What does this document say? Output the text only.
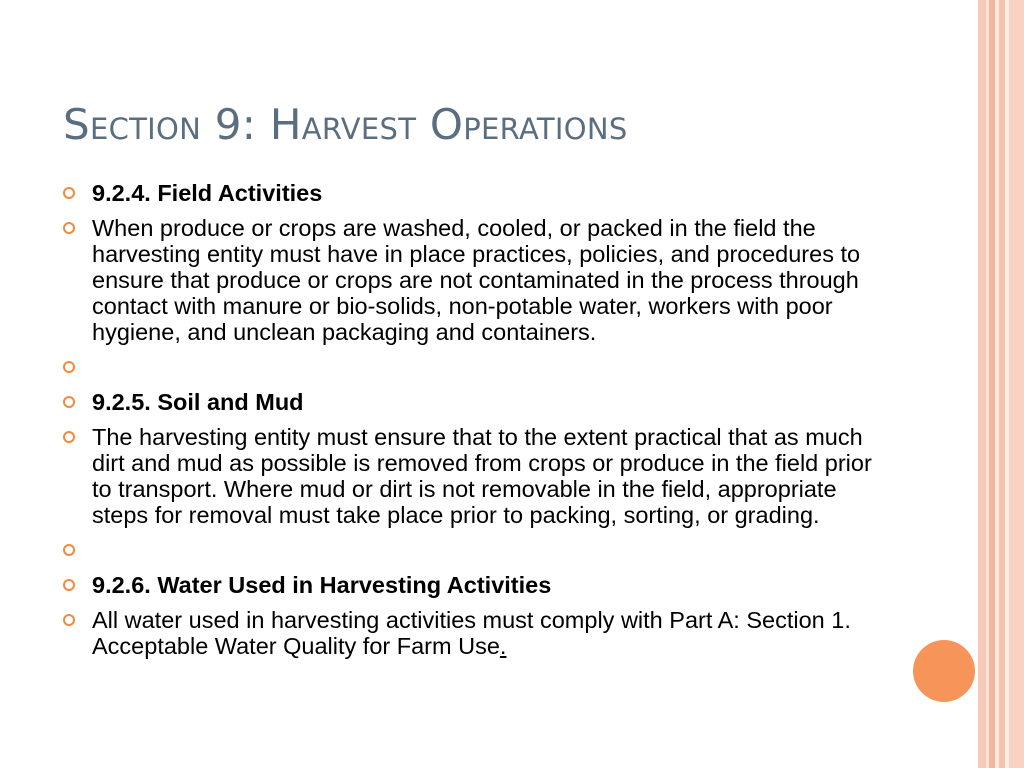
Section 9: Harvest Operations
9.2.4. Field Activities
When produce or crops are washed, cooled, or packed in the field the harvesting entity must have in place practices, policies, and procedures to ensure that produce or crops are not contaminated in the process through contact with manure or bio-solids, non-potable water, workers with poor hygiene, and unclean packaging and containers.
9.2.5. Soil and Mud
The harvesting entity must ensure that to the extent practical that as much dirt and mud as possible is removed from crops or produce in the field prior to transport. Where mud or dirt is not removable in the field, appropriate steps for removal must take place prior to packing, sorting, or grading.
9.2.6. Water Used in Harvesting Activities
All water used in harvesting activities must comply with Part A: Section 1. Acceptable Water Quality for Farm Use.
